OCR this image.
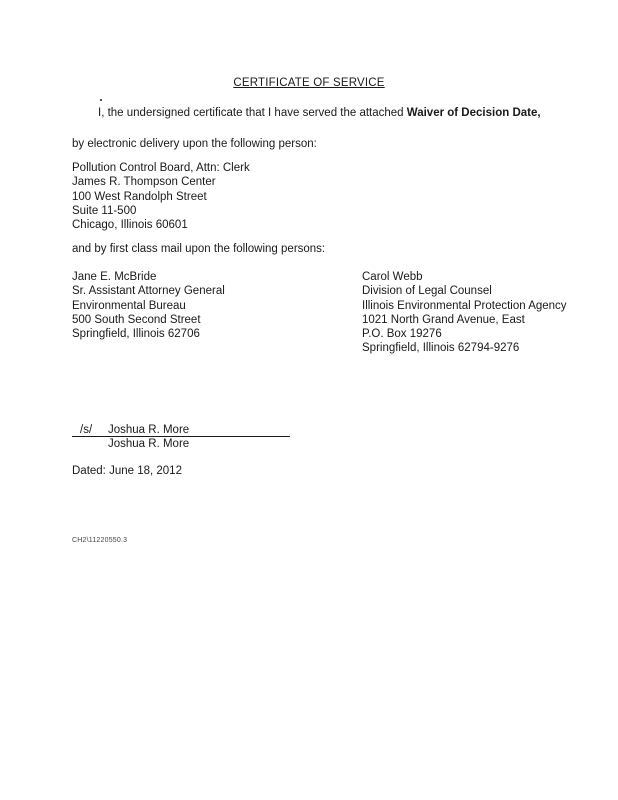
CERTIFICATE OF SERVICE
I, the undersigned certificate that I have served the attached Waiver of Decision Date,
by electronic delivery upon the following person:
Pollution Control Board, Attn: Clerk
James R. Thompson Center
100 West Randolph Street
Suite 11-500
Chicago, Illinois 60601
and by first class mail upon the following persons:
Jane E. McBride
Sr. Assistant Attorney General
Environmental Bureau
500 South Second Street
Springfield, Illinois 62706
Carol Webb
Division of Legal Counsel
Illinois Environmental Protection Agency
1021 North Grand Avenue, East
P.O. Box 19276
Springfield, Illinois 62794-9276
/s/ Joshua R. More
Joshua R. More
Dated: June 18, 2012
CH2\11220550.3
